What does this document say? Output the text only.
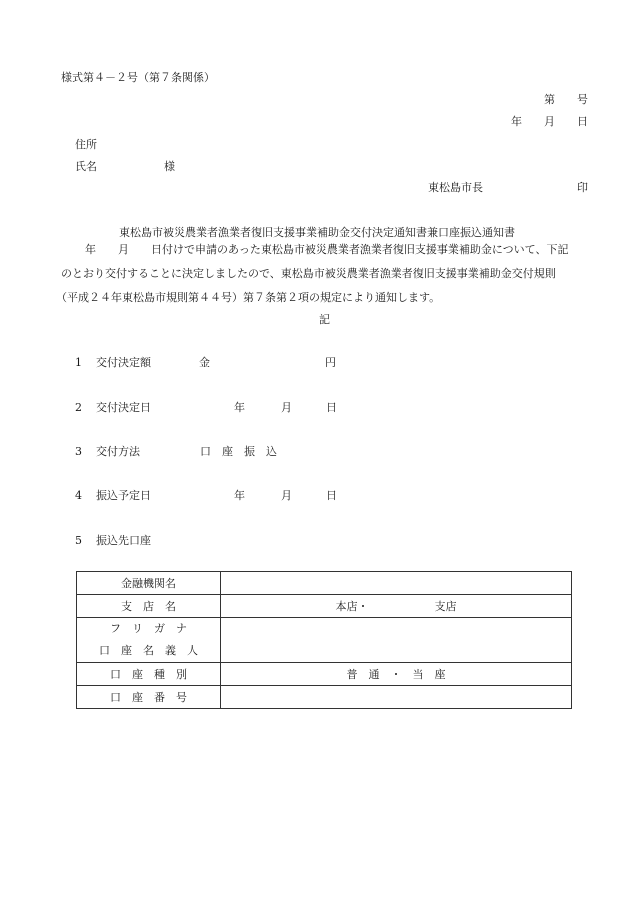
様式第４－２号（第７条関係）
第　　号
年　　月　　日
住所
氏名	様
東松島市長	印
東松島市被災農業者漁業者復旧支援事業補助金交付決定通知書兼口座振込通知書
年　　月　　日付けで申請のあった東松島市被災農業者漁業者復旧支援事業補助金について、下記
のとおり交付することに決定しましたので、東松島市被災農業者漁業者復旧支援事業補助金交付規則
（平成２４年東松島市規則第４４号）第７条第２項の規定により通知します。
記
1 交付決定額	金	円
2 交付決定日	年	月	日
3 交付方法	口　座　振　込
4 振込予定日	年	月	日
5 振込先口座
金融機関名	
支　店　名	本店・　　　　　　支店

フ　リ　ガ　ナ
口　座　名　義　人	

口　座　種　別	普　通　・　当　座
口　座　番　号	
